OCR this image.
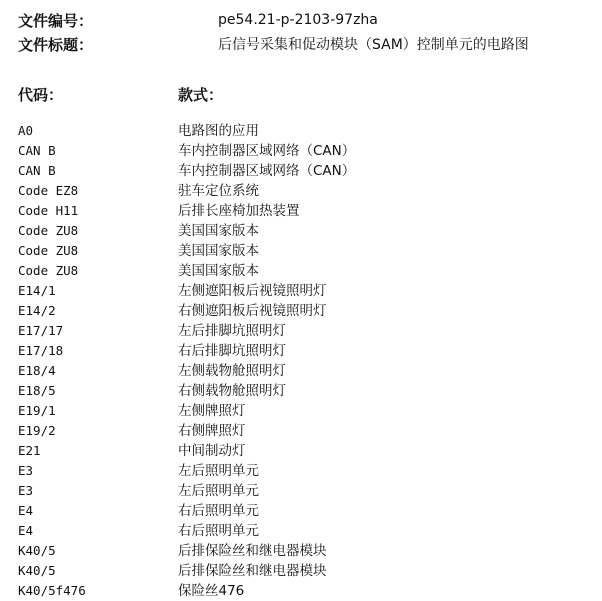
文件编号：	pe54.21-p-2103-97zha
文件标题：	后信号采集和促动模块（SAM）控制单元的电路图
代码：	款式：
A0	电路图的应用
CAN B	车内控制器区域网络（CAN）
CAN B	车内控制器区域网络（CAN）
Code EZ8	驻车定位系统
Code H11	后排长座椅加热装置
Code ZU8	美国国家版本
Code ZU8	美国国家版本
Code ZU8	美国国家版本
E14/1	左侧遮阳板后视镜照明灯
E14/2	右侧遮阳板后视镜照明灯
E17/17	左后排脚坑照明灯
E17/18	右后排脚坑照明灯
E18/4	左侧载物舱照明灯
E18/5	右侧载物舱照明灯
E19/1	左侧牌照灯
E19/2	右侧牌照灯
E21	中间制动灯
E3	左后照明单元
E3	左后照明单元
E4	右后照明单元
E4	右后照明单元
K40/5	后排保险丝和继电器模块
K40/5	后排保险丝和继电器模块
K40/5f476	保险丝476
